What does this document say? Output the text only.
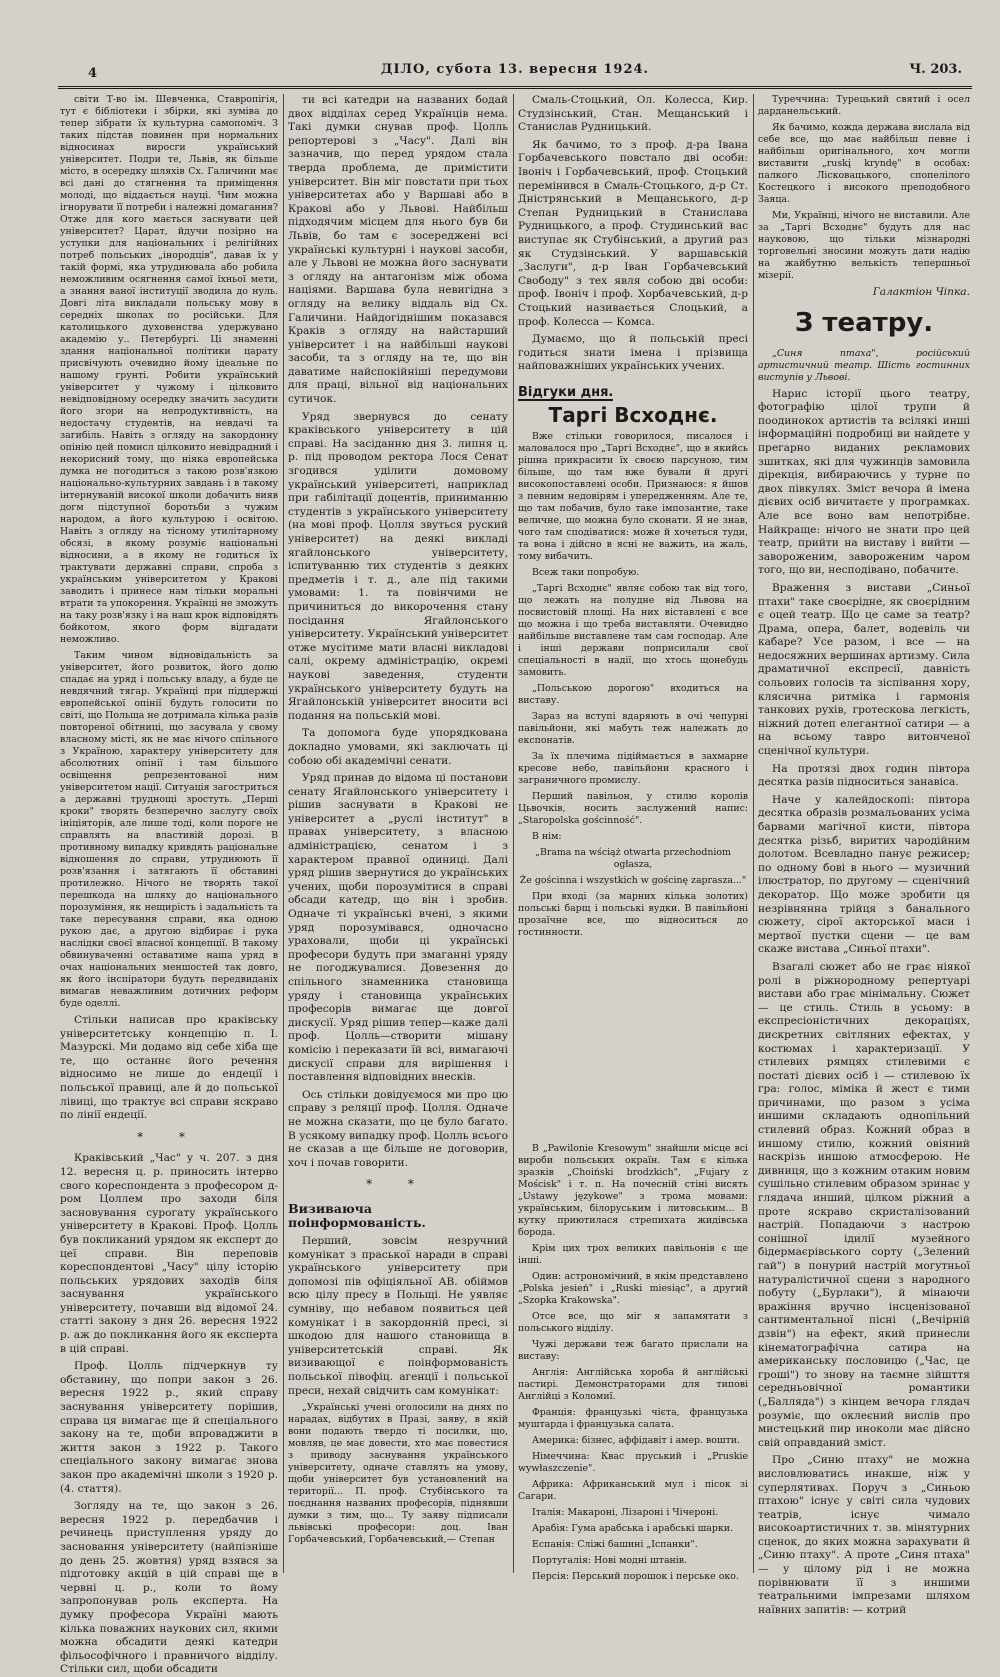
4	ДІЛО, субота 13. вересня 1924.	Ч. 203.

світи Т-во ім. Шевченка, Ставропігія, тут є бібліотеки і збірки, які зуміва до тепер зібрати їх культурна самопоміч. З таких підстав повинен при нормальних відносинах виросги український університет. Подри те, Львів, як більше місто, в осередку шляхів Сх. Галичини має всі дані до стягнення та приміщення молоді, що віддається науці. Чим можна ігнорувати її потреби і належні домагання? Отже для кого мається заснувати цей університет? Царат, йдучи позірно на уступки для національних і релігійних потреб польських „інородців", давав їх у такій формі, яка утруднювала або робила неможливим осягнення самої їхньої мети, а знання ваної інституції зводила до нуль. Довгі літа викладали польську мову в середніх школах по російськи. Для католицького духовенства удержувано академію у.. Петербургі. Ці знаменні здання національної політики царату присвічують очевидно йому ідеальне по нашому грунті. Робити український університет у чужому і цілковито невідповідному осередку значить засудити його згори на непродуктивність, на недостачу студентів, на невдачі та загибіль. Навіть з огляду на закордонну опінію цей помисл цілковито невідрадний і некорисний тому, що ніяка европейська думка не погодиться з такою розв'язкою національно-культурних завдань і в такому інтернуваній високої школи добачить вияв догм підступної боротьби з чужим народом, а його культурою і освітою. Навіть з огляду на тісному утилітарному обсязі, в якому розуміє національні відносини, а в якому не годиться їх трактувати державні справи, спроба з українським університетом у Кракові заводить і принесе нам тільки моральні втрати та упокорення. Українці не зможуть на таку розв'язку і на наш крок відповідять бойкотом, якого форм відгадати неможливо.

Таким чином відновідальність за університет, його розвиток, його долю спадає на уряд і польську владу, а буде це невдячний тягар. Українці при піддержці европейської опінії будуть голосити по світі, що Польща не дотримала кілька разів повтореної обітниці, що засувала у свому власному місті, як не має нічого спільного з Україною, характеру університету для абсолютних опінії і там більшого освіщення репрезентованої ним університетом нації. Ситуація загостриться а державні труднощі зростуть. „Перші кроки" творять безперечно заслугу своїх ініціяторів, але лише тоді, коли пороге не справлять на властивій дорозі. В противному випадку кривдять раціональне відношення до справи, утруднюють її розв'язання і затягають її обставині протилежно. Нічого не творять такої перешкода на шляху до національного порозуміння, як нещирість і задальність та таке пересування справи, яка одною рукою дає, а другою відбирає і рука наслідки своєї власної концепції. В такому обвинуваченні оставатиме наша уряд в очах національних меншостей так довго, як його інспіратори будуть передвиданіх вимагав неважливим дотичних реформ буде оделлі.

Стільки написав про краківську університетську концепцію п. І. Мазурскі. Ми додамо від себе хіба ще те, що останнє його речення відносимо не лише до ендеції і польської правиці, але й до польської лівиці, що трактує всі справи яскраво по лінії ендеції.

* *

Краківський „Час" у ч. 207. з дня 12. вересня ц. р. приносить інтерво свого кореспондента з професором д-ром Цоллем про заходи біля засновування сурогату українського університету в Кракові. Проф. Цолль був покликаний урядом як експерт до цеї справи. Він переповів кореспондентові „Часу" цілу історію польських урядових заходів біля заснування українського університету, почавши від відомої 24. статті закону з дня 26. вересня 1922 р. аж до покликання його як експерта в цій справі.

Проф. Цолль підчеркнув ту обставину, що попри закон з 26. вересня 1922 р., який справу заснування університету порішив, справа ця вимагає ще й спеціального закону на те, щоби впроваджити в життя закон з 1922 р. Такого спеціального закону вимагає знова закон про академічні школи з 1920 р. (4. стаття).

Зогляду на те, що закон з 26. вересня 1922 р. передбачив і речинець приступлення уряду до засновання університету (найпізніше до день 25. жовтня) уряд взявся за підготовку акцій в цій справі ще в червні ц. р., коли то йому запропонував роль експерта. На думку професора Україні мають кілька поважних наукових сил, якими можна обсадити деякі катедри фільософічного і правничого відділу. Стільки сил, щоби обсадити

ти всі катедри на названих бодай двох відділах серед Українців нема. Такі думки снував проф. Цолль репортерові з „Часу". Далі він зазначив, що перед урядом стала тверда проблема, де примістити університет. Він міг повстати при тьох університетах або у Варшаві або в Кракові або у Львові. Найбільш підходячим місцем для нього був би Львів, бо там є зосереджені всі українські культурні і наукові засоби, але у Львові не можна його заснувати з огляду на антагонізм між обома націями. Варшава була невигідна з огляду на велику віддаль від Сх. Галичини. Найдогіднішим показався Краків з огляду на найстарший університет і на найбільші наукові засоби, та з огляду на те, що він даватиме найспокійніші передумови для праці, вільної від національних сутичок.

Уряд звернувся до сенату краківського університету в цій справі. На засіданню дня 3. липня ц. р. під проводом ректора Лося Сенат згодився уділити домовому український університеті, наприклад при габілітації доцентів, приниманню студентів з українського університету (на мові проф. Цолля звуться руский університет) на деякі викладі ягайлонського університету, іспитуванню тих студентів з деяких предметів і т. д., але під такими умовами: 1. та повінчими не причиниться до викорочення стану посідання Ягайлонського університету. Український університет отже мусітиме мати власні викладові салі, окрему адміністрацію, окремі наукові заведення, студенти українського університету будуть на Ягайлонській університет вносити всі подання на польській мові.

Та допомога буде упорядкована докладно умовами, які заключать ці собою обі академічні сенати.

Уряд принав до відома ці постанови сенату Ягайлонського університету і рішив заснувати в Кракові не університет а „руслі інститут" в правах університету, з власною адміністрацією, сенатом і з характером правної одиниці. Далі уряд рішив звернутися до українських учених, щоби порозумітися в справі обсади катедр, що він і зробив. Одначе ті українські вчені, з якими уряд порозумівався, одночасно ураховали, щоби ці українські професори будуть при змаганні уряду не погоджувалися. Довезення до спільного знаменника становища уряду і становища українських професорів вимагає ще довгої дискусії. Уряд рішив тепер—каже далі проф. Цолль—створити мішану комісію і переказати їй всі, вимагаючі дискусії справи для вирішення і поставлення відповідних внесків.

Ось стільки довідуємося ми про цю справу з реляції проф. Цолля. Одначе не можна сказати, що це було багато. В усякому випадку проф. Цолль всього не сказав а ще більше не договорив, хоч і почав говорити.

* *
Визиваюча поінформованість.

Перший, зовсім незручний комунікат з праської наради в справі українського університету при допомозі пів офіціяльної АВ. обіймов всю цілу пресу в Польщі. Не уявляє сумніву, що небавом появиться цей комунікат і в закордонній пресі, зі шкодою для нашого становища в університетській справі. Як визивающої є поінформованість польської півофіц. агенції і польської преси, нехай свідчить сам комунікат:

„Українські учені оголосили на днях по нарадах, відбутих в Празі, заяву, в якій вони подають твердо ті посилки, що, мовляв, це має довести, хто має повестися з приводу заснування українського університету, одначе ставлять на умову, щоби університет був установлений на території... П. проф. Стубінського та поєднання названих професорів, піднявши думки з тим, що... Ту заяву підписали львівські професори: доц. Іван Горбачевський, Горбачевський,— Степан

Смаль-Стоцький, Ол. Колесса, Кир. Студзінський, Стан. Мещанський і Станислав Рудницький.

Як бачимо, то з проф. д-ра Івана Горбачевського повстало дві особи: Івоніч і Горбачевський, проф. Стоцький перемінився в Смаль-Стоцького, д-р Ст. Дністрянський в Мещанського, д-р Степан Рудницький в Станислава Рудницького, а проф. Студинський вас виступає як Стубінський, а другий раз як Студзінський. У варшавській „Заслуги", д-р Іван Горбачевський Свободу" з тех явля собою дві особи: проф. Івоніч і проф. Хорбачевський, д-р Стоцький називається Слоцький, а проф. Колесса — Комса.

Думаємо, що й польській пресі годиться знати імена і прізвища найповажніших українських учених.

Відгуки дня.
Таргі Всходнє.

Вже стільки говорилося, писалося і маловалося про „Таргі Всходнє", що в якийсь рішна прикрасити їх своєю парсуною, тим більше, що там вже бували й другі високопоставлені особи. Признаюся: я йшов з певним недовірям і упередженням. Але те, що там побачив, було таке імпозантне, таке величне, що можна було сконати. Я не знав, чого там сподіватися: може й хочеться туди, та вона і дійсно в ясні не важить, на жаль, тому вибачить.

Всеж таки попробую.

„Таргі Всходнє" являє собою так від того, що лежать на полудне від Львова на посвистовій площі. На них віставлені є все що можна і що треба виставляти. Очевидно найбільше виставлене там сам господар. Але і інші держави поприсилали свої спеціальності в надії, що хтось щонебудь замовить.

„Польською дорогою" входиться на виставу.

Зараз на вступі вдаряють в очі чепурні павільйони, які мабуть теж належать до експонатів.

За їх плечима підіймається в захмарне кресове небо, павільйони красного і заграничного промислу.

Перший павільон, у стилю королів Цьвочків, носить заслужений напис: „Staropolska gościnność".

В нім:

„Brama na wściąż otwarta przechodniom ogłasza,

Że gościnna i wszystkich w gościnę zaprasza..."

При вході (за марних кілька золотих) польські барщ і польські вудки. В павільйоні прозаїчне все, що відноситься до гостинности.

В „Pawilonie Kresowym" знайшли місце всі вироби польських окраїн. Там є кілька зразків „Choiński brodzkich", „Fujary z Mościsk" і т. п. На почесній стіні висять „Ustawy językowe" з трома мовами: українським, білоруським і литовським... В кутку приютилася стрепихата жидівська борода.

Крім цих трох великих павільонів є ще інші.

Один: астрономічний, в якім представлено „Polska jesień" і „Ruski miesiąc", а другий „Szopka Krakowska".

Отсе все, що міг я запамятати з польського відділу.

Чужі держави теж багато прислали на виставу:

Англія: Англійська хороба й англійські пастирі. Демонстраторами для типові Англійці з Коломиї.

Франція: французькі чієта, французька муштарда і французька салата.

Америка: бізнес, аффідавіт і амер. вошти.

Німеччина: Квас пруський і „Pruskie wywłaszczenie".

Африка: Африканський мул і пісок зі Сагари.

Італія: Макароні, Лізароні і Чічероні.

Арабія: Гума арабська і арабські шарки.

Еспанія: Сліжі башині „Іспанки".

Португалія: Нові модні штанів.

Персія: Перський порошок і перське око.

Туреччина: Турецький святий і осел дарданельський.

Як бачимо, кожда держава вислала від себе все, що має найбільш певне і найбільш оригінального, хоч могли виставити „ruskį kryndę" в особах: палкого Лісковацького, спопелілого Костецкого і високого преподобного Заяца.

Ми, Українці, нічого не виставили. Але за „Таргі Всходнє" будуть для нас науковою, що тільки мізнародні торговельні зносини можуть дати надію на жайбутню велькість тепершньої мізерії.

Галактіон Чіпка.
З театру.

„Синя птаха", російський артистичний театр. Шість гостинних виступів у Львові.

Нарис історії цього театру, фотографію цілої трупи й поодинокох артистів та всілякі инші інформаційні подробиці ви найдете у прегарно виданих рекламових зшитках, які для чужинців замовила дірекція, вибираючись у турне по двох півкулях. Зміст вечора й імена дієвих осіб вичитаєте у програмках. Але все воно вам непотрібне. Найкраще: нічого не знати про цей театр, прийти на виставу і вийти — завороженим, завороженим чаром того, що ви, несподівано, побачите.

Враження з вистави „Синьої птахи" таке своєрідне, як своєрідним є оцей театр. Що це саме за театр? Драма, опера, балет, водевіль чи кабаре? Усе разом, і все — на недосяжних вершинах артизму. Сила драматичної експресії, давність сольових голосів та зіспівання хору, клясична ритміка і гармонія танкових рухів, гротескова легкість, ніжний дотеп елегантної сатири — а на всьому тавро витонченої сценічної культури.

На протязі двох годин півтора десятка разів підноситься занавіса.

Наче у калейдоскопі: півтора десятка образів розмальованих усіма барвами магічної кисти, півтора десятка різьб, виритих чародійним долотом. Всевладно панує режисер; по одному бові в нього — музичний ілюстратор, по другому — сценічний декоратор. Що може зробити ця незрівнянна трійця з банального сюжету, сірої акторської маси і мертвої пустки сцени — це вам скаже вистава „Синьої птахи".

Взагалі сюжет або не грає ніякої ролі в ріжнородному репертуарі вистави або грає мінімальну. Сюжет — це стиль. Стиль в усьому: в експресіоністичних декораціях, дискретних світляних ефектах, у костюмах і характеризації. У стилевих рямцях стилевими є постаті дієвих осіб і — стилевою їх гра: голос, міміка й жест є тими причинами, що разом з усіма иншими складають однопільний стилевий образ. Кожний образ в иншому стилю, кожний овіяний наскрізь иншою атмосферою. Не дивниця, що з кожним отаким новим сушільно стилевим образом зринає у глядача инший, цілком ріжний а проте яскраво скристалізований настрій. Попадаючи з настрою сонішної ідилії музейного бідермаєрівського сорту („Зелений гай") в понурий настрій могутньої натуралістичної сцени з народного побуту („Бурлаки"), й мінаючи вражіння вручно інсценізованої сантиментальної пісні („Вечірній дзвін") на ефект, який принесли кінематографічна сатира на американську пословицю („Час, це гроші") то знову на таємне зійшття середньовічної романтики („Балляда") з кінцем вечора глядач розуміє, що оклеєний вислів про мистецький пир иноколи має дійсно свій оправданий зміст.

Про „Синю птаху" не можна висловлюватись инакше, ніж у суперлятивах. Поруч з „Синьою птахою" існує у світі сила чудових театрів, існує чимало високоартистичних т. зв. мінятурних сценок, до яких можна зарахувати й „Синю птаху". А проте „Синя птаха" — у цілому рід і не можна порівнювати її з иншими театральними імпрезами шляхом наївних запитів: — котрий
